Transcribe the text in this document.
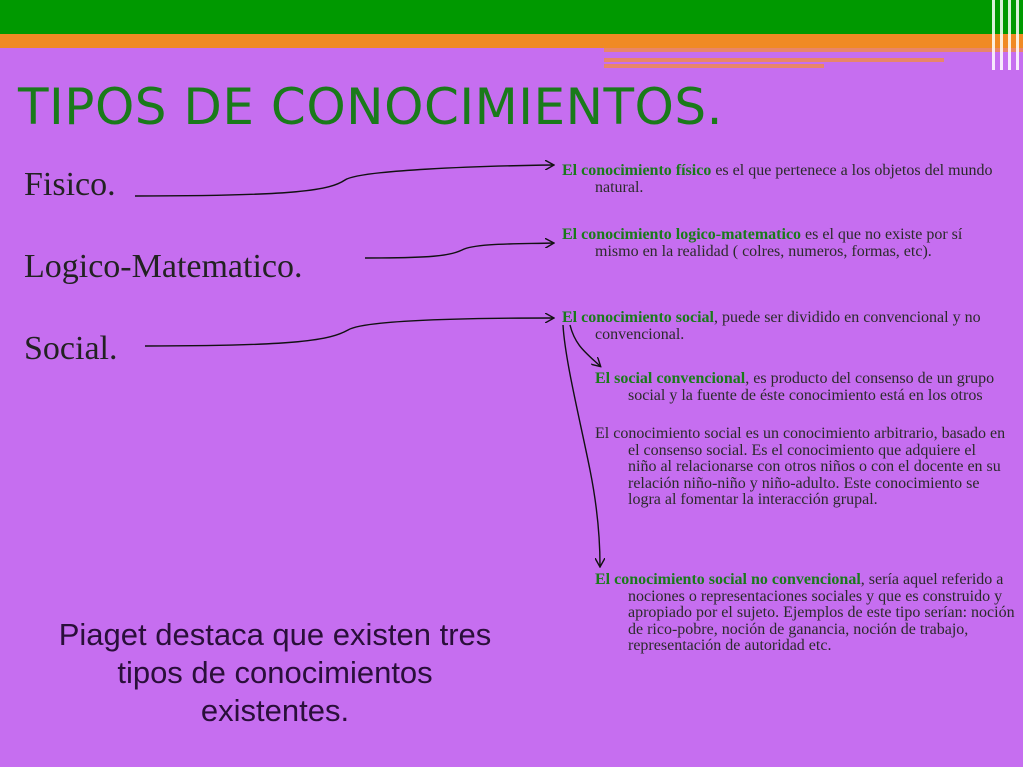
TIPOS DE CONOCIMIENTOS.
Fisico.
Logico-Matematico.
Social.
El conocimiento físico es el que pertenece a los objetos del mundo natural.
El conocimiento logico-matematico es el que no existe por sí mismo en la realidad ( colres, numeros, formas, etc).
El conocimiento social, puede ser dividido en convencional y no convencional.
El social convencional, es producto del consenso de un grupo social y la fuente de éste conocimiento está en los otros
El conocimiento social es un conocimiento arbitrario, basado en el consenso social. Es el conocimiento que adquiere el niño al relacionarse con otros niños o con el docente en su relación niño-niño y niño-adulto. Este conocimiento se logra al fomentar la interacción grupal.
El conocimiento social no convencional, sería aquel referido a nociones o representaciones sociales y que es construido y apropiado por el sujeto. Ejemplos de este tipo serían: noción de rico-pobre, noción de ganancia, noción de trabajo, representación de autoridad etc.
Piaget destaca que existen tres tipos de conocimientos existentes.
